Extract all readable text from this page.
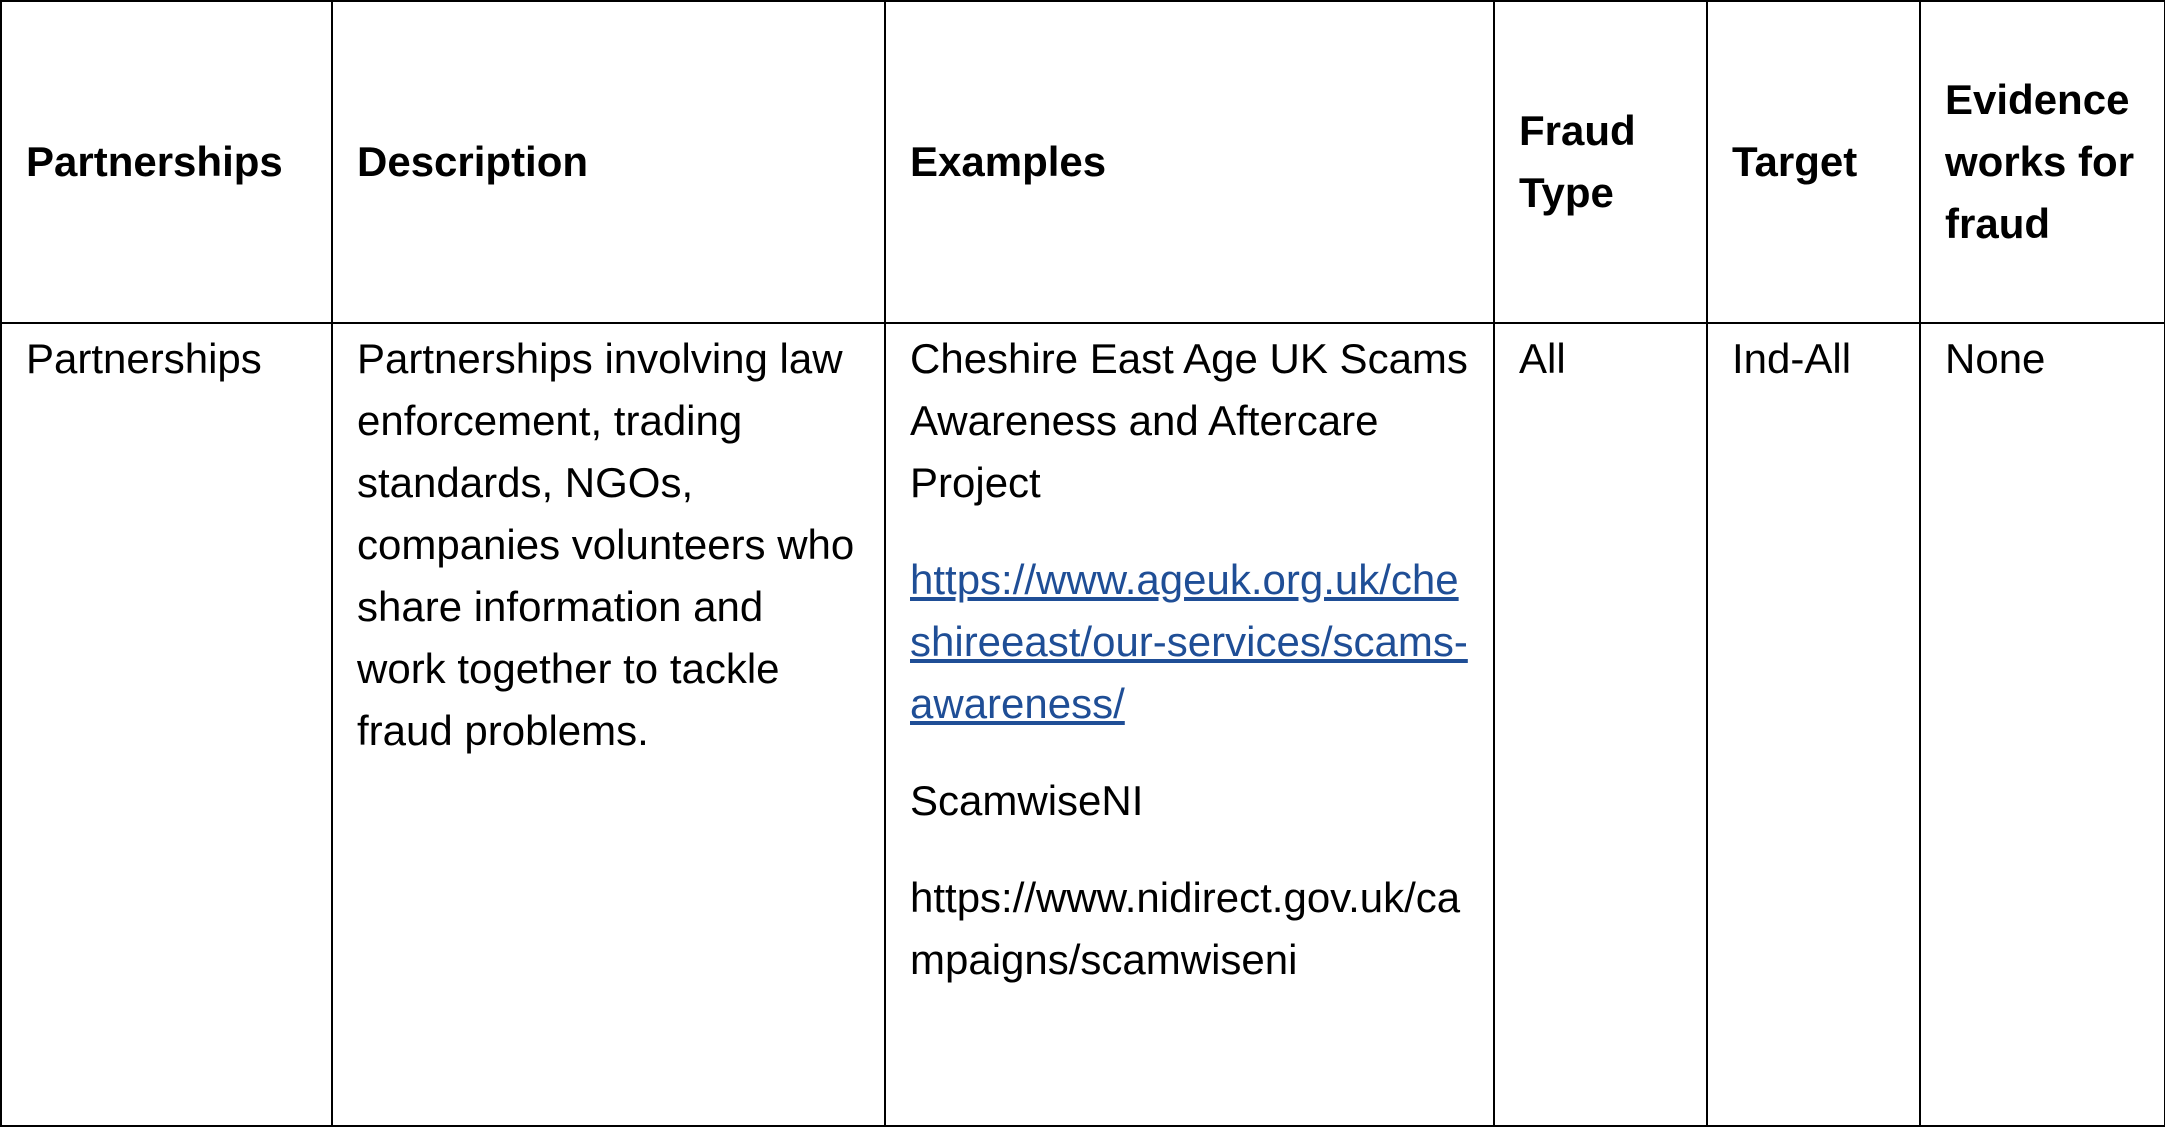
Partnerships	Description	Examples	Fraud Type	Target	Evidence works for fraud

Partnerships	Partnerships involving law enforcement, trading standards, NGOs, companies volunteers who share information and work together to tackle fraud problems.	Cheshire East Age UK Scams Awareness and Aftercare Project

https://www.ageuk.org.uk/cheshireeast/our-services/scams-awareness/

ScamwiseNI

https://www.nidirect.gov.uk/campaigns/scamwiseni	All	Ind-All	None
